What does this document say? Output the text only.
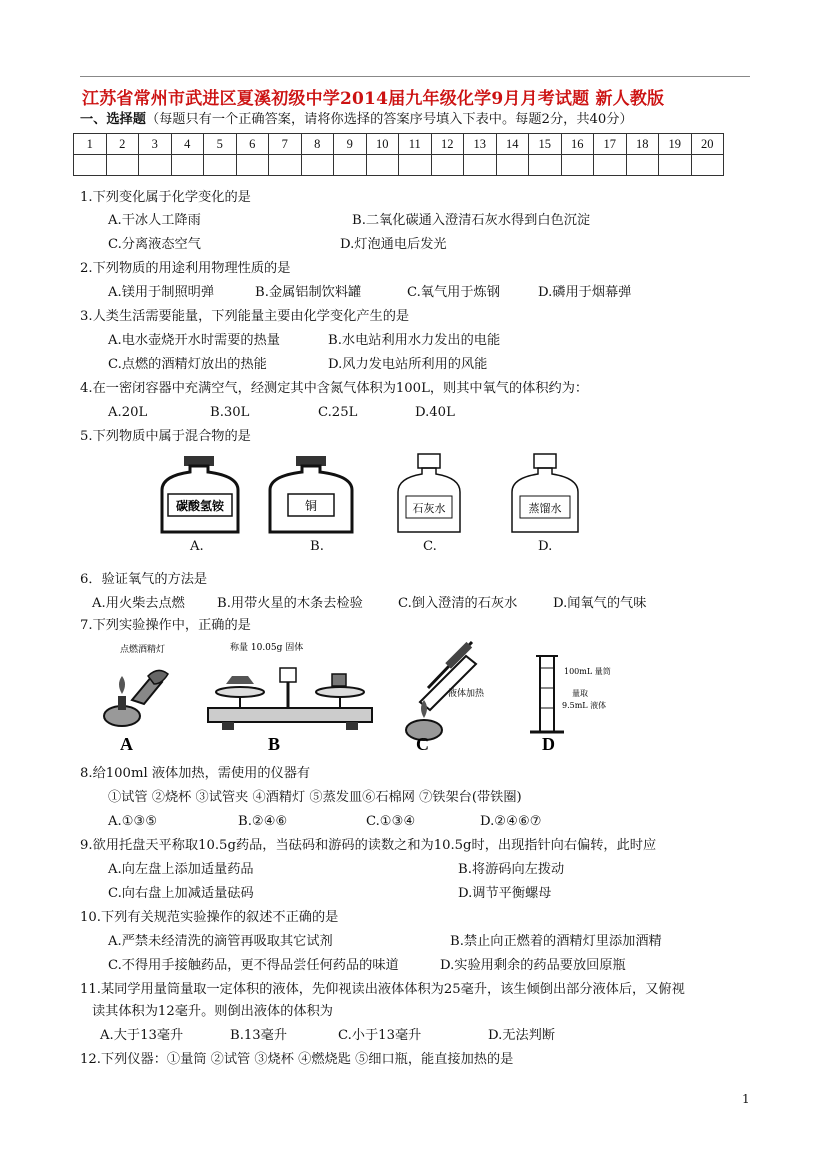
江苏省常州市武进区夏溪初级中学2014届九年级化学9月月考试题 新人教版
一、选择题（每题只有一个正确答案，请将你选择的答案序号填入下表中。每题2分，共40分）
1	2	3	4	5	6	7	8	9	10	11	12	13	14	15	16	17	18	19	20

1.下列变化属于化学变化的是
A.干冰人工降雨	B.二氧化碳通入澄清石灰水得到白色沉淀
C.分离液态空气	D.灯泡通电后发光
2.下列物质的用途利用物理性质的是
A.镁用于制照明弹	B.金属铝制饮料罐	C.氧气用于炼钢	D.磷用于烟幕弹
3.人类生活需要能量，下列能量主要由化学变化产生的是
A.电水壶烧开水时需要的热量	B.水电站利用水力发出的电能
C.点燃的酒精灯放出的热能	D.风力发电站所利用的风能
4.在一密闭容器中充满空气，经测定其中含氮气体积为100L，则其中氧气的体积约为：
A.20L	B.30L	C.25L	D.40L
5.下列物质中属于混合物的是
碳酸氢铵	铜	石灰水	蒸馏水
A.	B.	C.	D.
6．验证氧气的方法是
A.用火柴去点燃 B.用带火星的木条去检验	C.倒入澄清的石灰水	D.闻氧气的气味
7.下列实验操作中，正确的是
点燃酒精灯
A
称量 10.05g 固体
B
液体加热
C
100mL 量筒
量取
9.5mL 液体
D
8.给100ml 液体加热，需使用的仪器有
①试管 ②烧杯 ③试管夹 ④酒精灯 ⑤蒸发皿⑥石棉网 ⑦铁架台(带铁圈)
A.①③⑤	B.②④⑥	C.①③④	D.②④⑥⑦
9.欲用托盘天平称取10.5g药品，当砝码和游码的读数之和为10.5g时，出现指针向右偏转，此时应
A.向左盘上添加适量药品	B.将游码向左拨动
C.向右盘上加减适量砝码	D.调节平衡螺母
10.下列有关规范实验操作的叙述不正确的是
A.严禁未经清洗的滴管再吸取其它试剂	B.禁止向正燃着的酒精灯里添加酒精
C.不得用手接触药品，更不得品尝任何药品的味道	D.实验用剩余的药品要放回原瓶
11.某同学用量筒量取一定体积的液体，先仰视读出液体体积为25毫升，该生倾倒出部分液体后，又俯视
读其体积为12毫升。则倒出液体的体积为
A.大于13毫升	B.13毫升	C.小于13毫升	D.无法判断
12.下列仪器：①量筒 ②试管 ③烧杯 ④燃烧匙 ⑤细口瓶，能直接加热的是
1
